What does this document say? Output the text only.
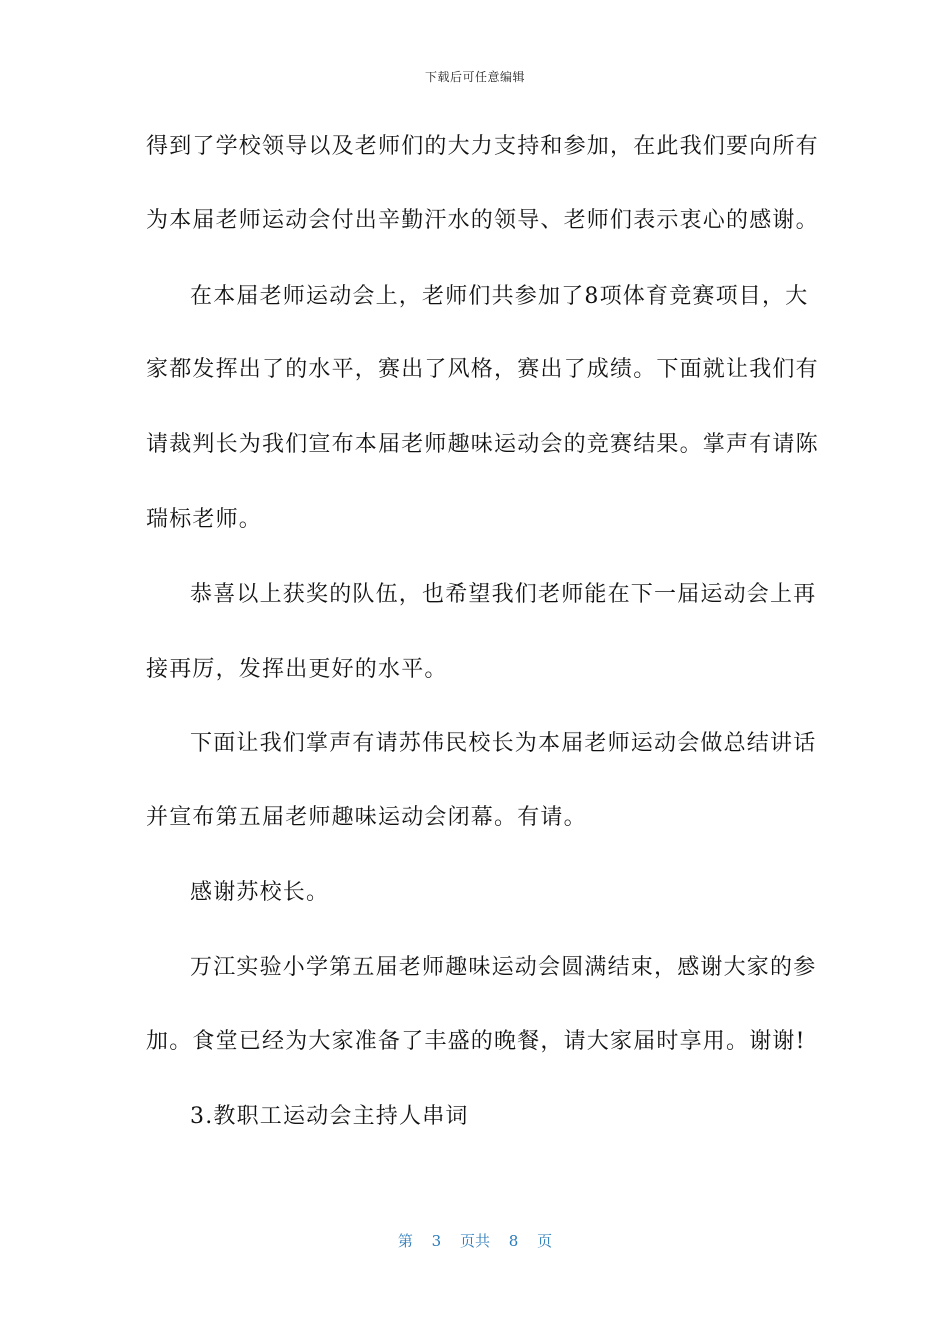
下载后可任意编辑
得到了学校领导以及老师们的大力支持和参加，在此我们要向所有
为本届老师运动会付出辛勤汗水的领导、老师们表示衷心的感谢。
在本届老师运动会上，老师们共参加了8项体育竞赛项目，大
家都发挥出了的水平，赛出了风格，赛出了成绩。下面就让我们有
请裁判长为我们宣布本届老师趣味运动会的竞赛结果。掌声有请陈
瑞标老师。
恭喜以上获奖的队伍，也希望我们老师能在下一届运动会上再
接再厉，发挥出更好的水平。
下面让我们掌声有请苏伟民校长为本届老师运动会做总结讲话
并宣布第五届老师趣味运动会闭幕。有请。
感谢苏校长。
万江实验小学第五届老师趣味运动会圆满结束，感谢大家的参
加。食堂已经为大家准备了丰盛的晚餐，请大家届时享用。谢谢!
3.教职工运动会主持人串词
第 3 页共 8 页
